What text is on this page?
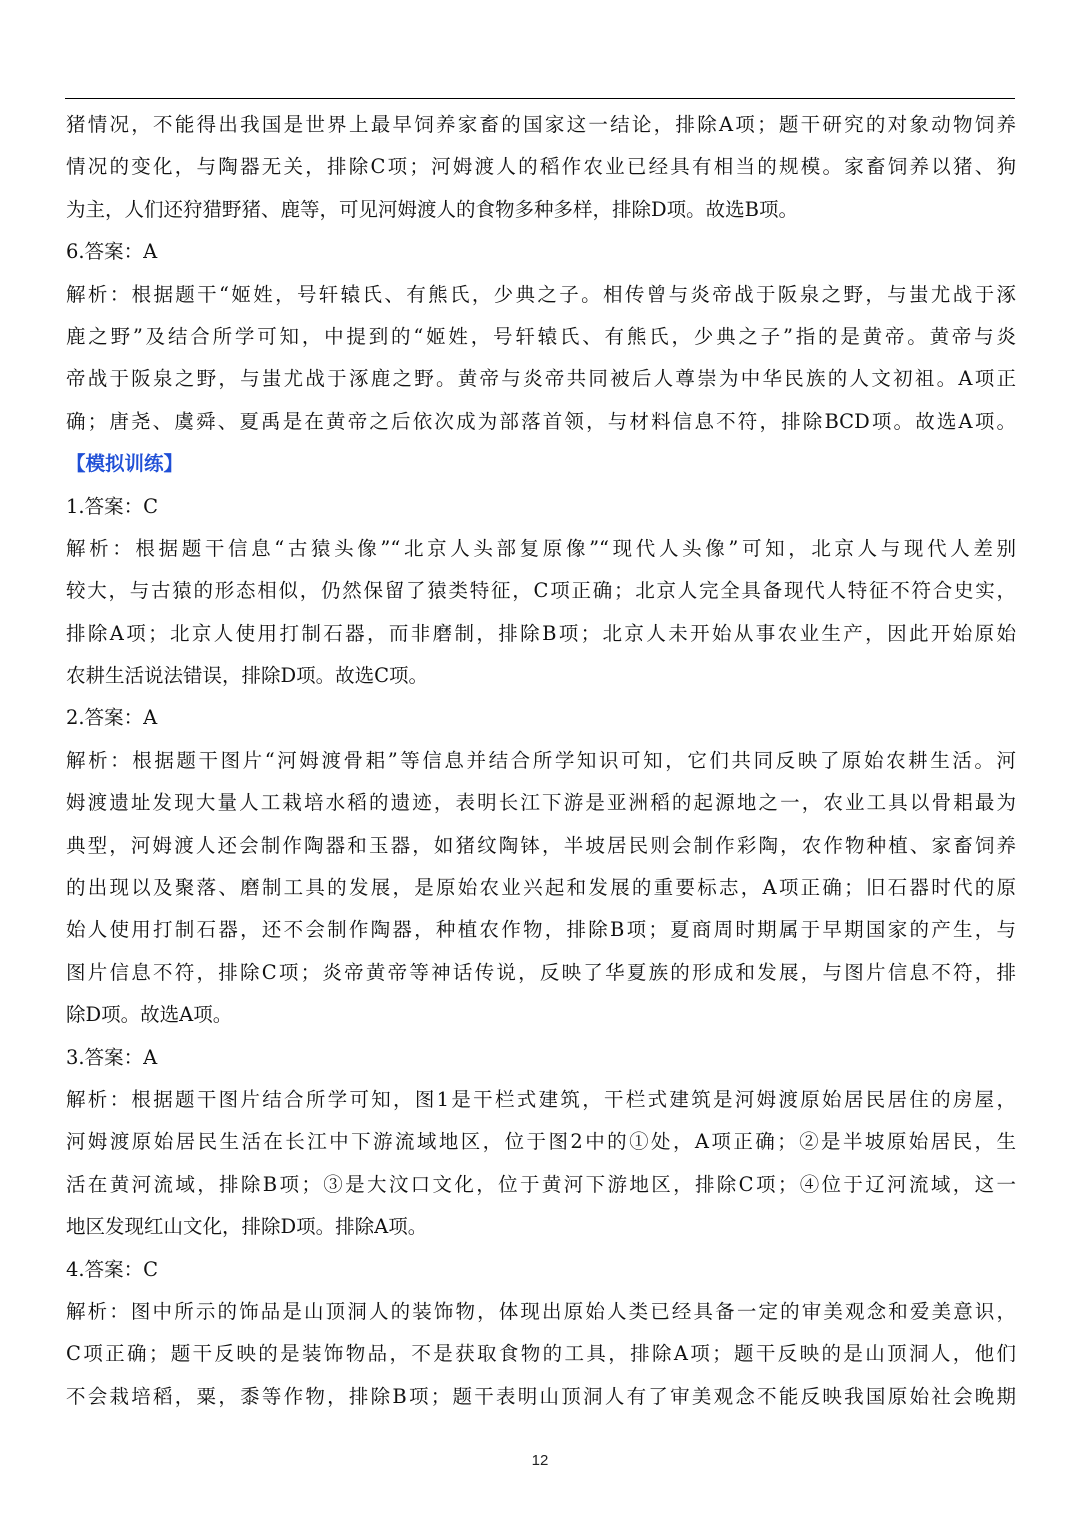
猪情况，不能得出我国是世界上最早饲养家畜的国家这一结论，排除A项；题干研究的对象动物饲养
情况的变化，与陶器无关，排除C项；河姆渡人的稻作农业已经具有相当的规模。家畜饲养以猪、狗
为主，人们还狩猎野猪、鹿等，可见河姆渡人的食物多种多样，排除D项。故选B项。
6.答案：A
解析：根据题干“姬姓，号轩辕氏、有熊氏，少典之子。相传曾与炎帝战于阪泉之野，与蚩尤战于涿
鹿之野”及结合所学可知，中提到的“姬姓，号轩辕氏、有熊氏，少典之子”指的是黄帝。黄帝与炎
帝战于阪泉之野，与蚩尤战于涿鹿之野。黄帝与炎帝共同被后人尊崇为中华民族的人文初祖。A项正
确；唐尧、虞舜、夏禹是在黄帝之后依次成为部落首领，与材料信息不符，排除BCD项。故选A项。
【模拟训练】
1.答案：C
解析：根据题干信息“古猿头像”“北京人头部复原像”“现代人头像”可知，北京人与现代人差别
较大，与古猿的形态相似，仍然保留了猿类特征，C项正确；北京人完全具备现代人特征不符合史实，
排除A项；北京人使用打制石器，而非磨制，排除B项；北京人未开始从事农业生产，因此开始原始
农耕生活说法错误，排除D项。故选C项。
2.答案：A
解析：根据题干图片“河姆渡骨耜”等信息并结合所学知识可知，它们共同反映了原始农耕生活。河
姆渡遗址发现大量人工栽培水稻的遗迹，表明长江下游是亚洲稻的起源地之一，农业工具以骨耜最为
典型，河姆渡人还会制作陶器和玉器，如猪纹陶钵，半坡居民则会制作彩陶，农作物种植、家畜饲养
的出现以及聚落、磨制工具的发展，是原始农业兴起和发展的重要标志，A项正确；旧石器时代的原
始人使用打制石器，还不会制作陶器，种植农作物，排除B项；夏商周时期属于早期国家的产生，与
图片信息不符，排除C项；炎帝黄帝等神话传说，反映了华夏族的形成和发展，与图片信息不符，排
除D项。故选A项。
3.答案：A
解析：根据题干图片结合所学可知，图1是干栏式建筑，干栏式建筑是河姆渡原始居民居住的房屋，
河姆渡原始居民生活在长江中下游流域地区，位于图2中的①处，A项正确；②是半坡原始居民，生
活在黄河流域，排除B项；③是大汶口文化，位于黄河下游地区，排除C项；④位于辽河流域，这一
地区发现红山文化，排除D项。排除A项。
4.答案：C
解析：图中所示的饰品是山顶洞人的装饰物，体现出原始人类已经具备一定的审美观念和爱美意识，
C项正确；题干反映的是装饰物品，不是获取食物的工具，排除A项；题干反映的是山顶洞人，他们
不会栽培稻，粟，黍等作物，排除B项；题干表明山顶洞人有了审美观念不能反映我国原始社会晚期
12
